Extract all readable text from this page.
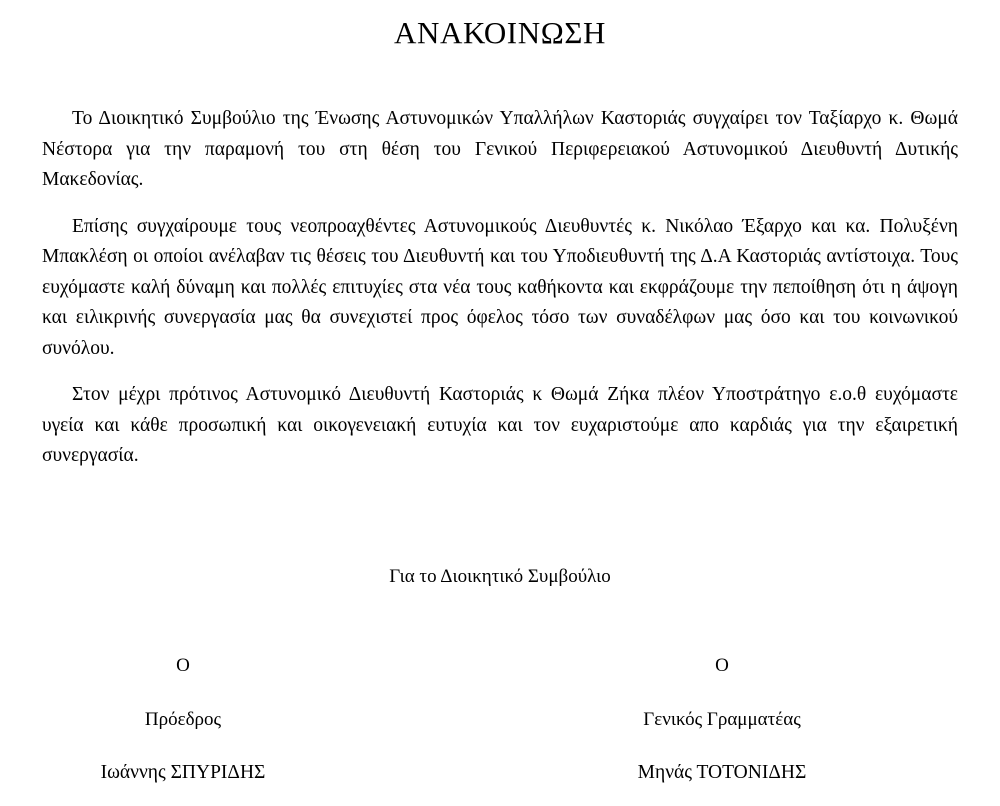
ΑΝΑΚΟΙΝΩΣΗ

Το Διοικητικό Συμβούλιο της Ένωσης Αστυνομικών Υπαλλήλων Καστοριάς συγχαίρει τον Ταξίαρχο κ. Θωμά Νέστορα για την παραμονή του στη θέση του Γενικού Περιφερειακού Αστυνομικού Διευθυντή Δυτικής Μακεδονίας.

Επίσης συγχαίρουμε τους νεοπροαχθέντες Αστυνομικούς Διευθυντές κ. Νικόλαο Έξαρχο και κα. Πολυξένη Μπακλέση οι οποίοι ανέλαβαν τις θέσεις του Διευθυντή και του Υποδιευθυντή της Δ.Α Καστοριάς αντίστοιχα. Τους ευχόμαστε καλή δύναμη και πολλές επιτυχίες στα νέα τους καθήκοντα και εκφράζουμε την πεποίθηση ότι η άψογη και ειλικρινής συνεργασία μας θα συνεχιστεί προς όφελος τόσο των συναδέλφων μας όσο και του κοινωνικού συνόλου.

Στον μέχρι πρότινος Αστυνομικό Διευθυντή Καστοριάς κ Θωμά Ζήκα πλέον Υποστράτηγο ε.ο.θ ευχόμαστε υγεία και κάθε προσωπική και οικογενειακή ευτυχία και τον ευχαριστούμε απο καρδιάς για την εξαιρετική συνεργασία.

Για το Διοικητικό Συμβούλιο
Ο
Πρόεδρος
Ιωάννης ΣΠΥΡΙΔΗΣ
Ο
Γενικός Γραμματέας
Μηνάς ΤΟΤΟΝΙΔΗΣ
